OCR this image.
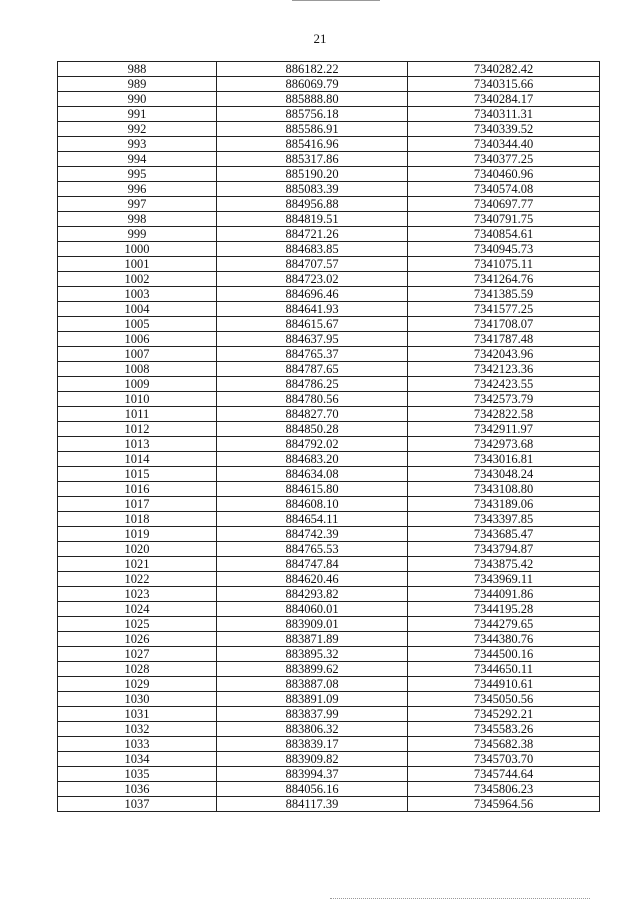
21
988	886182.22	7340282.42
989	886069.79	7340315.66
990	885888.80	7340284.17
991	885756.18	7340311.31
992	885586.91	7340339.52
993	885416.96	7340344.40
994	885317.86	7340377.25
995	885190.20	7340460.96
996	885083.39	7340574.08
997	884956.88	7340697.77
998	884819.51	7340791.75
999	884721.26	7340854.61
1000	884683.85	7340945.73
1001	884707.57	7341075.11
1002	884723.02	7341264.76
1003	884696.46	7341385.59
1004	884641.93	7341577.25
1005	884615.67	7341708.07
1006	884637.95	7341787.48
1007	884765.37	7342043.96
1008	884787.65	7342123.36
1009	884786.25	7342423.55
1010	884780.56	7342573.79
1011	884827.70	7342822.58
1012	884850.28	7342911.97
1013	884792.02	7342973.68
1014	884683.20	7343016.81
1015	884634.08	7343048.24
1016	884615.80	7343108.80
1017	884608.10	7343189.06
1018	884654.11	7343397.85
1019	884742.39	7343685.47
1020	884765.53	7343794.87
1021	884747.84	7343875.42
1022	884620.46	7343969.11
1023	884293.82	7344091.86
1024	884060.01	7344195.28
1025	883909.01	7344279.65
1026	883871.89	7344380.76
1027	883895.32	7344500.16
1028	883899.62	7344650.11
1029	883887.08	7344910.61
1030	883891.09	7345050.56
1031	883837.99	7345292.21
1032	883806.32	7345583.26
1033	883839.17	7345682.38
1034	883909.82	7345703.70
1035	883994.37	7345744.64
1036	884056.16	7345806.23
1037	884117.39	7345964.56
